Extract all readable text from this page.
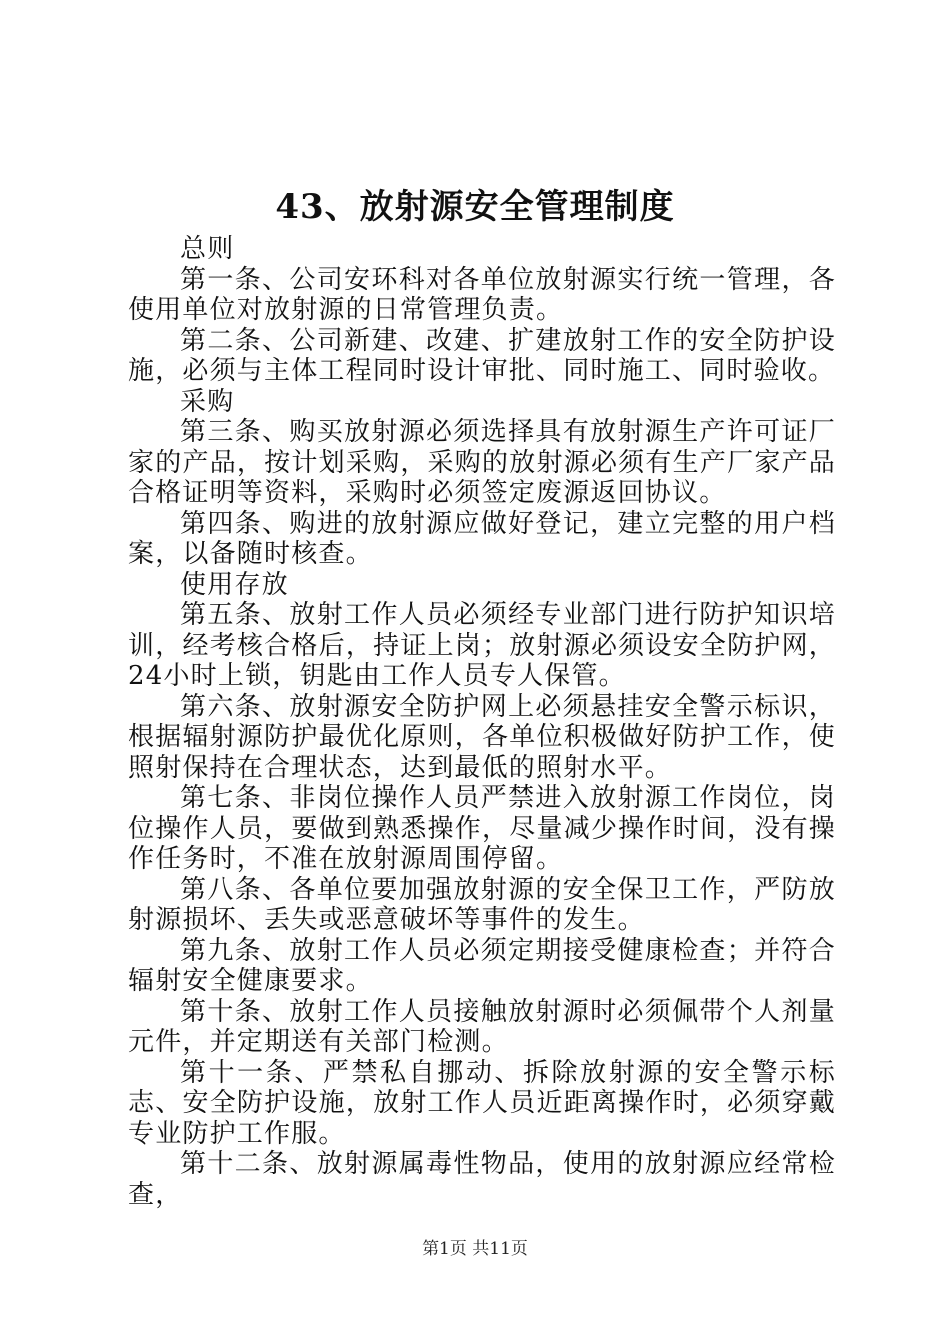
43、放射源安全管理制度

总则

第一条、公司安环科对各单位放射源实行统一管理，各使用单位对放射源的日常管理负责。

第二条、公司新建、改建、扩建放射工作的安全防护设施，必须与主体工程同时设计审批、同时施工、同时验收。

采购

第三条、购买放射源必须选择具有放射源生产许可证厂家的产品，按计划采购，采购的放射源必须有生产厂家产品合格证明等资料，采购时必须签定废源返回协议。

第四条、购进的放射源应做好登记，建立完整的用户档案，以备随时核查。

使用存放

第五条、放射工作人员必须经专业部门进行防护知识培训，经考核合格后，持证上岗；放射源必须设安全防护网，24小时上锁，钥匙由工作人员专人保管。

第六条、放射源安全防护网上必须悬挂安全警示标识，根据辐射源防护最优化原则，各单位积极做好防护工作，使照射保持在合理状态，达到最低的照射水平。

第七条、非岗位操作人员严禁进入放射源工作岗位，岗位操作人员，要做到熟悉操作，尽量减少操作时间，没有操作任务时，不准在放射源周围停留。

第八条、各单位要加强放射源的安全保卫工作，严防放射源损坏、丢失或恶意破坏等事件的发生。

第九条、放射工作人员必须定期接受健康检查；并符合辐射安全健康要求。

第十条、放射工作人员接触放射源时必须佩带个人剂量元件，并定期送有关部门检测。

第十一条、严禁私自挪动、拆除放射源的安全警示标志、安全防护设施，放射工作人员近距离操作时，必须穿戴专业防护工作服。

第十二条、放射源属毒性物品，使用的放射源应经常检查，

第1页 共11页
